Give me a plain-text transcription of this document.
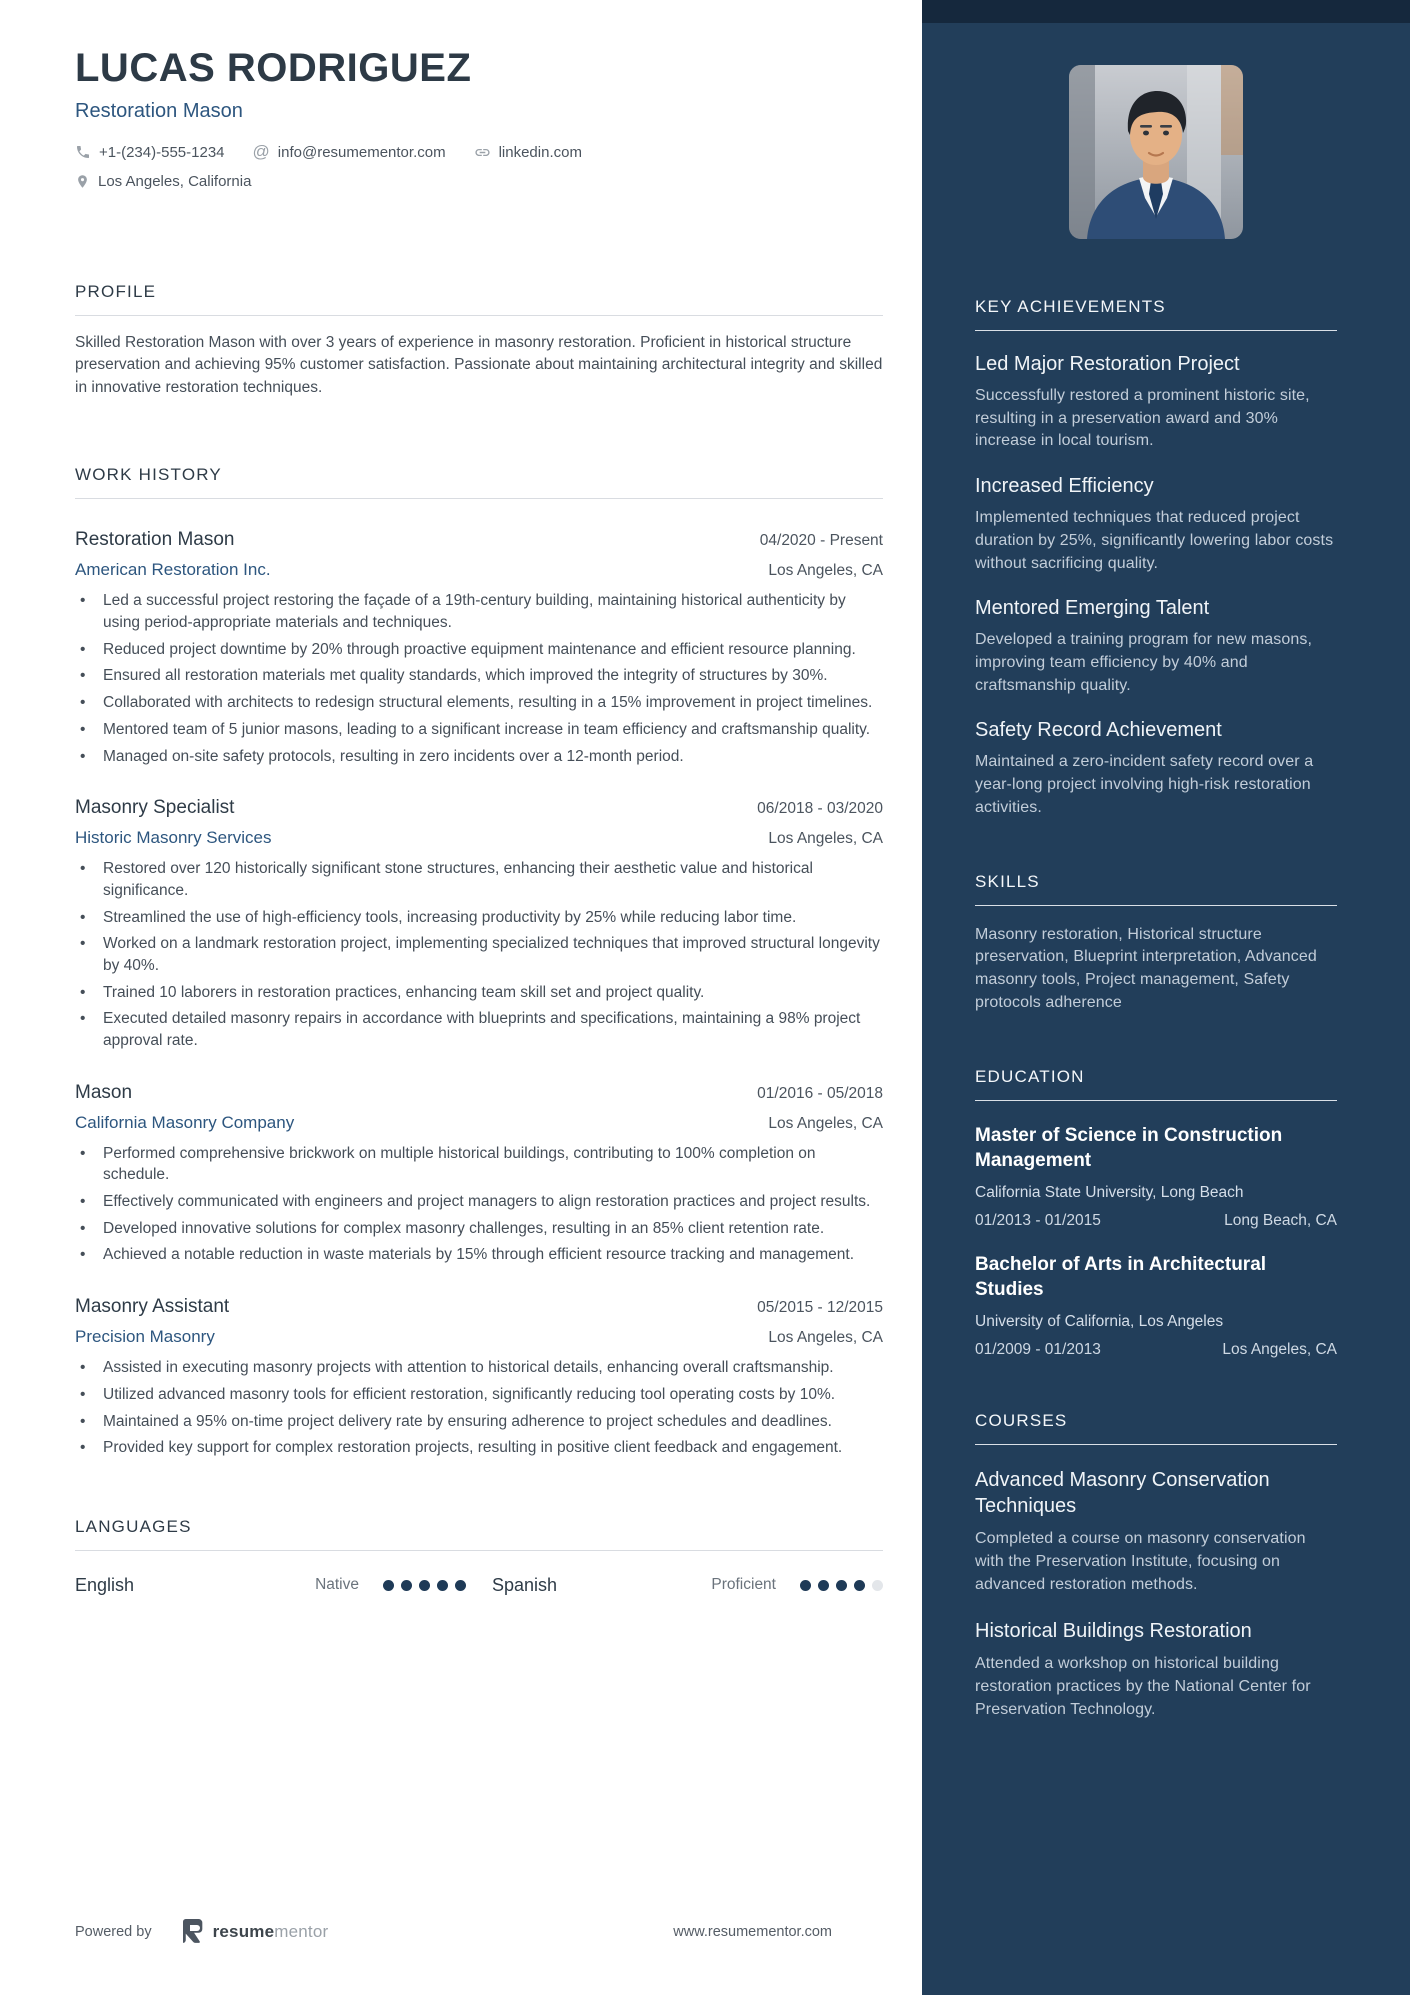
LUCAS RODRIGUEZ
Restoration Mason
+1-(234)-555-1234 @ info@resumementor.com	linkedin.com
Los Angeles, California
PROFILE

Skilled Restoration Mason with over 3 years of experience in masonry restoration. Proficient in historical structure preservation and achieving 95% customer satisfaction. Passionate about maintaining architectural integrity and skilled in innovative restoration techniques.

WORK HISTORY
Restoration Mason	04/2020 - Present
American Restoration Inc.	Los Angeles, CA
• Led a successful project restoring the façade of a 19th-century building, maintaining historical authenticity by using period-appropriate materials and techniques.
• Reduced project downtime by 20% through proactive equipment maintenance and efficient resource planning.
• Ensured all restoration materials met quality standards, which improved the integrity of structures by 30%.
• Collaborated with architects to redesign structural elements, resulting in a 15% improvement in project timelines.
• Mentored team of 5 junior masons, leading to a significant increase in team efficiency and craftsmanship quality.
• Managed on-site safety protocols, resulting in zero incidents over a 12-month period.
Masonry Specialist	06/2018 - 03/2020
Historic Masonry Services	Los Angeles, CA
• Restored over 120 historically significant stone structures, enhancing their aesthetic value and historical significance.
• Streamlined the use of high-efficiency tools, increasing productivity by 25% while reducing labor time.
• Worked on a landmark restoration project, implementing specialized techniques that improved structural longevity by 40%.
• Trained 10 laborers in restoration practices, enhancing team skill set and project quality.
• Executed detailed masonry repairs in accordance with blueprints and specifications, maintaining a 98% project approval rate.
Mason	01/2016 - 05/2018
California Masonry Company	Los Angeles, CA
• Performed comprehensive brickwork on multiple historical buildings, contributing to 100% completion on schedule.
• Effectively communicated with engineers and project managers to align restoration practices and project results.
• Developed innovative solutions for complex masonry challenges, resulting in an 85% client retention rate.
• Achieved a notable reduction in waste materials by 15% through efficient resource tracking and management.
Masonry Assistant	05/2015 - 12/2015
Precision Masonry	Los Angeles, CA
• Assisted in executing masonry projects with attention to historical details, enhancing overall craftsmanship.
• Utilized advanced masonry tools for efficient restoration, significantly reducing tool operating costs by 10%.
• Maintained a 95% on-time project delivery rate by ensuring adherence to project schedules and deadlines.
• Provided key support for complex restoration projects, resulting in positive client feedback and engagement.
LANGUAGES
English	Native	Spanish	Proficient
Powered by	resumementor	www.resumementor.com
KEY ACHIEVEMENTS
Led Major Restoration Project
Successfully restored a prominent historic site, resulting in a preservation award and 30% increase in local tourism.
Increased Efficiency
Implemented techniques that reduced project duration by 25%, significantly lowering labor costs without sacrificing quality.
Mentored Emerging Talent
Developed a training program for new masons, improving team efficiency by 40% and craftsmanship quality.
Safety Record Achievement
Maintained a zero-incident safety record over a year-long project involving high-risk restoration activities.
SKILLS

Masonry restoration, Historical structure preservation, Blueprint interpretation, Advanced masonry tools, Project management, Safety protocols adherence

EDUCATION
Master of Science in Construction Management
California State University, Long Beach
01/2013 - 01/2015	Long Beach, CA
Bachelor of Arts in Architectural Studies
University of California, Los Angeles
01/2009 - 01/2013	Los Angeles, CA
COURSES
Advanced Masonry Conservation Techniques
Completed a course on masonry conservation with the Preservation Institute, focusing on advanced restoration methods.
Historical Buildings Restoration
Attended a workshop on historical building restoration practices by the National Center for Preservation Technology.
